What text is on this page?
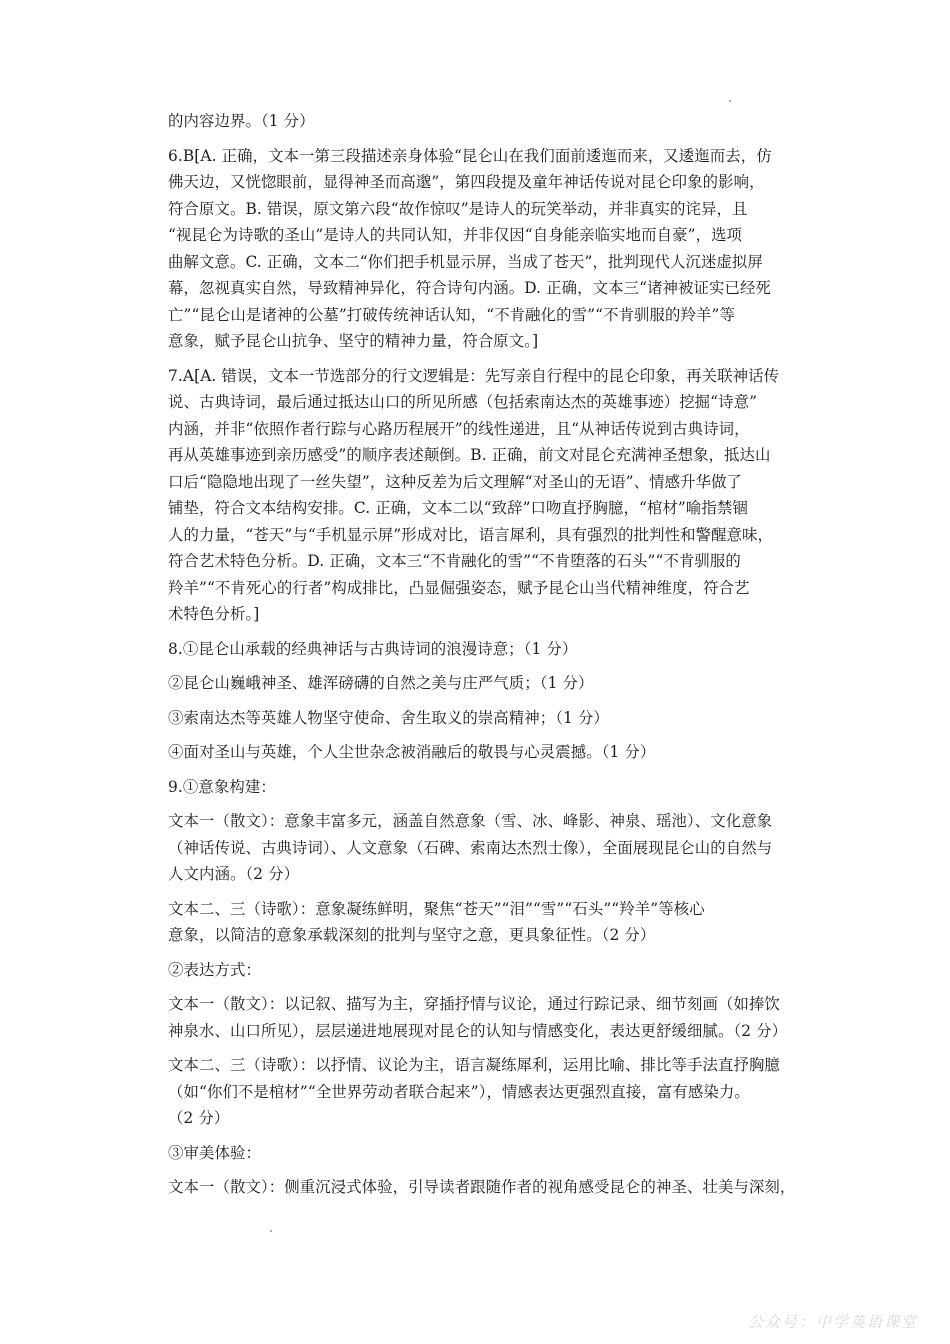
的内容边界。（1 分）
6.B[A. 正确，文本一第三段描述亲身体验“昆仑山在我们面前逶迤而来，又逶迤而去，仿
佛天边，又恍惚眼前，显得神圣而高邈”，第四段提及童年神话传说对昆仑印象的影响，
符合原文。B. 错误，原文第六段“故作惊叹”是诗人的玩笑举动，并非真实的诧异，且
“视昆仑为诗歌的圣山”是诗人的共同认知，并非仅因“自身能亲临实地而自豪”，选项
曲解文意。C. 正确，文本二“你们把手机显示屏，当成了苍天”，批判现代人沉迷虚拟屏
幕，忽视真实自然，导致精神异化，符合诗句内涵。D. 正确，文本三“诸神被证实已经死
亡”“昆仑山是诸神的公墓”打破传统神话认知，“不肯融化的雪”“不肯驯服的羚羊”等
意象，赋予昆仑山抗争、坚守的精神力量，符合原文。]
7.A[A. 错误，文本一节选部分的行文逻辑是：先写亲自行程中的昆仑印象，再关联神话传
说、古典诗词，最后通过抵达山口的所见所感（包括索南达杰的英雄事迹）挖掘“诗意”
内涵，并非“依照作者行踪与心路历程展开”的线性递进，且“从神话传说到古典诗词，
再从英雄事迹到亲历感受”的顺序表述颠倒。B. 正确，前文对昆仑充满神圣想象，抵达山
口后“隐隐地出现了一丝失望”，这种反差为后文理解“对圣山的无语”、情感升华做了
铺垫，符合文本结构安排。C. 正确，文本二以“致辞”口吻直抒胸臆，“棺材”喻指禁锢
人的力量，“苍天”与“手机显示屏”形成对比，语言犀利，具有强烈的批判性和警醒意味，
符合艺术特色分析。D. 正确，文本三“不肯融化的雪”“不肯堕落的石头”“不肯驯服的
羚羊”“不肯死心的行者”构成排比，凸显倔强姿态，赋予昆仑山当代精神维度，符合艺
术特色分析。]
8.①昆仑山承载的经典神话与古典诗词的浪漫诗意；（1 分）
②昆仑山巍峨神圣、雄浑磅礴的自然之美与庄严气质；（1 分）
③索南达杰等英雄人物坚守使命、舍生取义的崇高精神；（1 分）
④面对圣山与英雄，个人尘世杂念被消融后的敬畏与心灵震撼。（1 分）
9.①意象构建：
文本一（散文）：意象丰富多元，涵盖自然意象（雪、冰、峰影、神泉、瑶池）、文化意象
（神话传说、古典诗词）、人文意象（石碑、索南达杰烈士像），全面展现昆仑山的自然与
人文内涵。（2 分）
文本二、三（诗歌）：意象凝练鲜明，聚焦“苍天”“泪”“雪”“石头”“羚羊”等核心
意象，以简洁的意象承载深刻的批判与坚守之意，更具象征性。（2 分）
②表达方式：
文本一（散文）：以记叙、描写为主，穿插抒情与议论，通过行踪记录、细节刻画（如捧饮
神泉水、山口所见），层层递进地展现对昆仑的认知与情感变化，表达更舒缓细腻。（2 分）
文本二、三（诗歌）：以抒情、议论为主，语言凝练犀利，运用比喻、排比等手法直抒胸臆
（如“你们不是棺材”“全世界劳动者联合起来”），情感表达更强烈直接，富有感染力。
（2 分）
③审美体验：
文本一（散文）：侧重沉浸式体验，引导读者跟随作者的视角感受昆仑的神圣、壮美与深刻，
公众号：中学英语课堂
